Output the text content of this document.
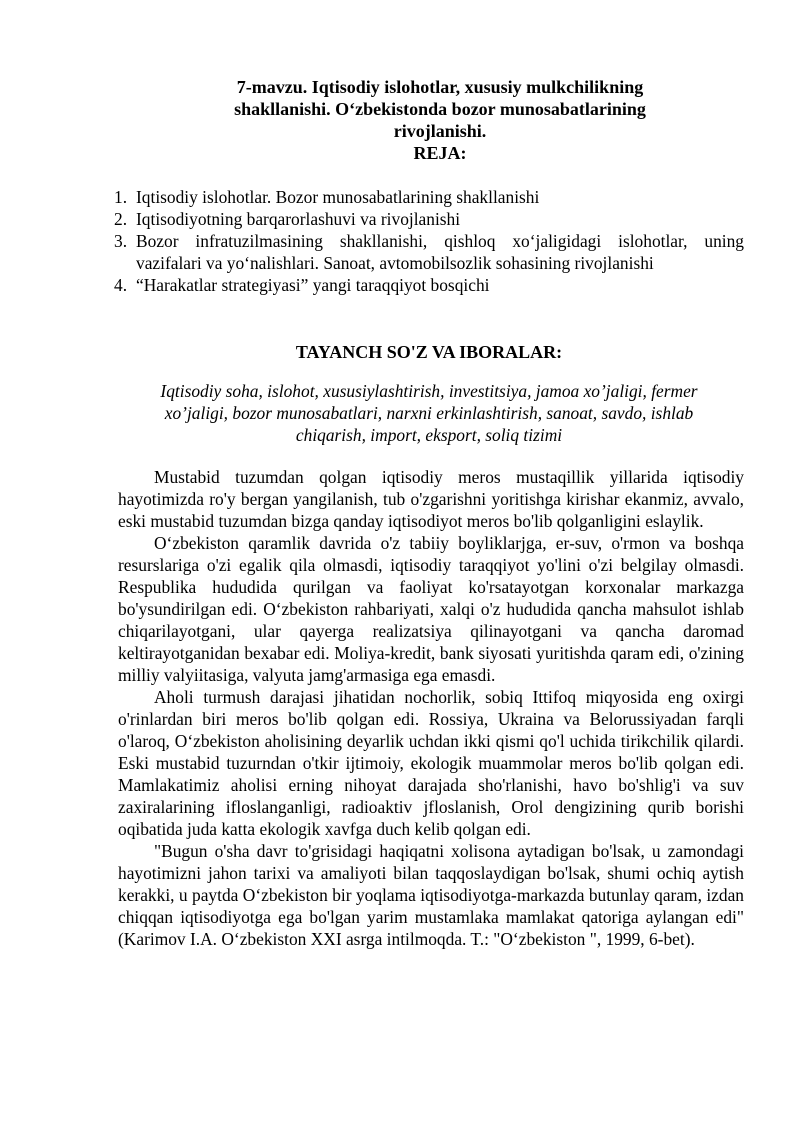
7-mavzu. Iqtisodiy islohotlar, xususiy mulkchilikning
shakllanishi. O‘zbekistonda bozor munosabatlarining
rivojlanishi.
REJA:
1. Iqtisodiy islohotlar. Bozor munosabatlarining shakllanishi
2. Iqtisodiyotning barqarorlashuvi va rivojlanishi
3. Bozor infratuzilmasining shakllanishi, qishloq xo‘jaligidagi islohotlar, uning
vazifalari va yo‘nalishlari. Sanoat, avtomobilsozlik sohasining rivojlanishi
4. “Harakatlar strategiyasi” yangi taraqqiyot bosqichi
TAYANCH SO'Z VA IBORALAR:
Iqtisodiy soha, islohot, xususiylashtirish, investitsiya, jamoa xo’jaligi, fermer
xo’jaligi, bozor munosabatlari, narxni erkinlashtirish, sanoat, savdo, ishlab
chiqarish, import, eksport, soliq tizimi

Mustabid tuzumdan qolgan iqtisodiy meros mustaqillik yillarida iqtisodiy hayotimizda ro'y bergan yangilanish, tub o'zgarishni yoritishga kirishar ekanmiz, avvalo, eski mustabid tuzumdan bizga qanday iqtisodiyot meros bo'lib qolganligini eslaylik.

O‘zbekiston qaramlik davrida o'z tabiiy boyliklarjga, er-suv, o'rmon va boshqa resurslariga o'zi egalik qila olmasdi, iqtisodiy taraqqiyot yo'lini o'zi belgilay olmasdi. Respublika hududida qurilgan va faoliyat ko'rsatayotgan korxonalar markazga bo'ysundirilgan edi. O‘zbekiston rahbariyati, xalqi o'z hududida qancha mahsulot ishlab chiqarilayotgani, ular qayerga realizatsiya qilinayotgani va qancha daromad keltirayotganidan bexabar edi. Moliya-kredit, bank siyosati yuritishda qaram edi, o'zining milliy valyiitasiga, valyuta jamg'armasiga ega emasdi.

Aholi turmush darajasi jihatidan nochorlik, sobiq Ittifoq miqyosida eng oxirgi o'rinlardan biri meros bo'lib qolgan edi. Rossiya, Ukraina va Belorussiyadan farqli o'laroq, O‘zbekiston aholisining deyarlik uchdan ikki qismi qo'l uchida tirikchilik qilardi. Eski mustabid tuzurndan o'tkir ijtimoiy, ekologik muammolar meros bo'lib qolgan edi. Mamlakatimiz aholisi erning nihoyat darajada sho'rlanishi, havo bo'shlig'i va suv zaxiralarining ifloslanganligi, radioaktiv jfloslanish, Orol dengizining qurib borishi oqibatida juda katta ekologik xavfga duch kelib qolgan edi.

"Bugun o'sha davr to'grisidagi haqiqatni xolisona aytadigan bo'lsak, u zamondagi hayotimizni jahon tarixi va amaliyoti bilan taqqoslaydigan bo'lsak, shumi ochiq aytish kerakki, u paytda O‘zbekiston bir yoqlama iqtisodiyotga-markazda butunlay qaram, izdan chiqqan iqtisodiyotga ega bo'lgan yarim mustamlaka mamlakat qatoriga aylangan edi" (Karimov I.A. O‘zbekiston XXI asrga intilmoqda. T.: "O‘zbekiston ", 1999, 6-bet).
